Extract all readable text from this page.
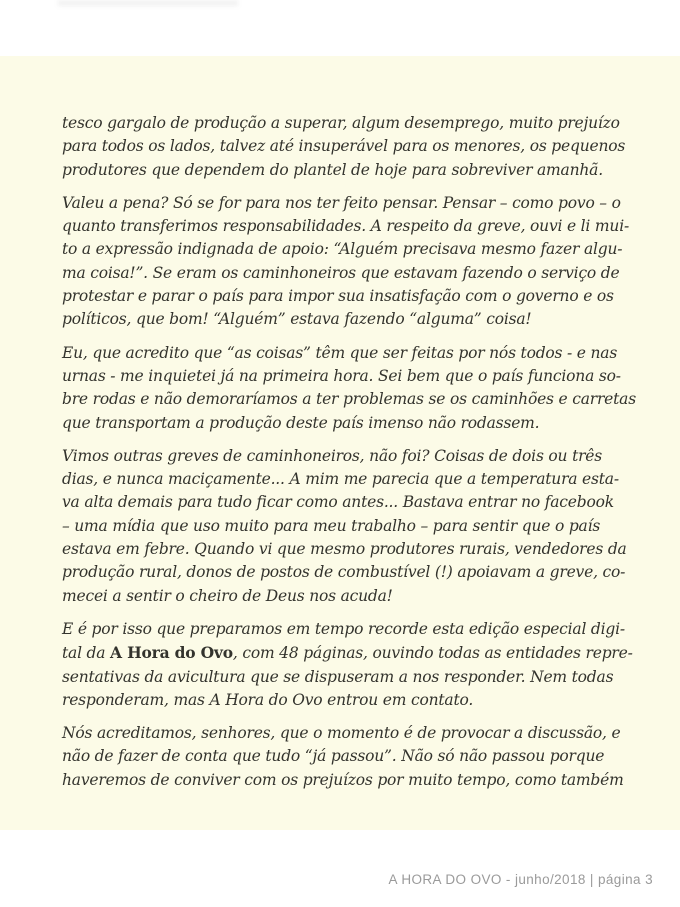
tesco gargalo de produção a superar, algum desemprego, muito prejuízo
para todos os lados, talvez até insuperável para os menores, os pequenos
produtores que dependem do plantel de hoje para sobreviver amanhã.

Valeu a pena? Só se for para nos ter feito pensar. Pensar – como povo – o
quanto transferimos responsabilidades. A respeito da greve, ouvi e li mui-
to a expressão indignada de apoio: “Alguém precisava mesmo fazer algu-
ma coisa!”. Se eram os caminhoneiros que estavam fazendo o serviço de
protestar e parar o país para impor sua insatisfação com o governo e os
políticos, que bom! “Alguém” estava fazendo “alguma” coisa!

Eu, que acredito que “as coisas” têm que ser feitas por nós todos - e nas
urnas - me inquietei já na primeira hora. Sei bem que o país funciona so-
bre rodas e não demoraríamos a ter problemas se os caminhões e carretas
que transportam a produção deste país imenso não rodassem.

Vimos outras greves de caminhoneiros, não foi? Coisas de dois ou três
dias, e nunca maciçamente... A mim me parecia que a temperatura esta-
va alta demais para tudo ficar como antes... Bastava entrar no facebook
– uma mídia que uso muito para meu trabalho – para sentir que o país
estava em febre. Quando vi que mesmo produtores rurais, vendedores da
produção rural, donos de postos de combustível (!) apoiavam a greve, co-
mecei a sentir o cheiro de Deus nos acuda!

E é por isso que preparamos em tempo recorde esta edição especial digi-
tal da A Hora do Ovo, com 48 páginas, ouvindo todas as entidades repre-
sentativas da avicultura que se dispuseram a nos responder. Nem todas
responderam, mas A Hora do Ovo entrou em contato.

Nós acreditamos, senhores, que o momento é de provocar a discussão, e
não de fazer de conta que tudo “já passou”. Não só não passou porque
haveremos de conviver com os prejuízos por muito tempo, como também

A HORA DO OVO - junho/2018 | página 3
